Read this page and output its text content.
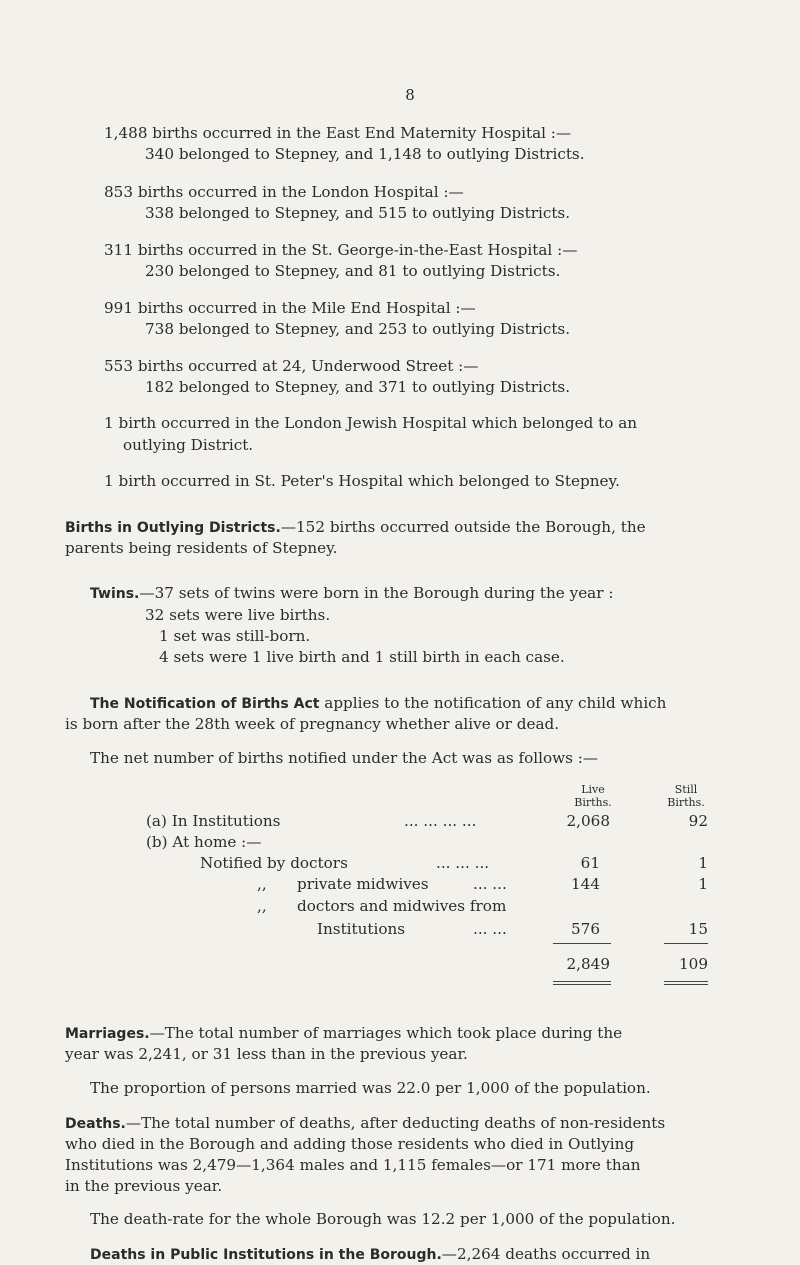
8
1,488 births occurred in the East End Maternity Hospital :—
340 belonged to Stepney, and 1,148 to outlying Districts.
853 births occurred in the London Hospital :—
338 belonged to Stepney, and 515 to outlying Districts.
311 births occurred in the St. George-in-the-East Hospital :—
230 belonged to Stepney, and 81 to outlying Districts.
991 births occurred in the Mile End Hospital :—
738 belonged to Stepney, and 253 to outlying Districts.
553 births occurred at 24, Underwood Street :—
182 belonged to Stepney, and 371 to outlying Districts.
1 birth occurred in the London Jewish Hospital which belonged to an
outlying District.
1 birth occurred in St. Peter's Hospital which belonged to Stepney.
Births in Outlying Districts.—152 births occurred outside the Borough, the
parents being residents of Stepney.
Twins.—37 sets of twins were born in the Borough during the year :
32 sets were live births.
1 set was still-born.
4 sets were 1 live birth and 1 still birth in each case.
The Notification of Births Act applies to the notification of any child which
is born after the 28th week of pregnancy whether alive or dead.
The net number of births notified under the Act was as follows :—
Live
Births.
Still
Births.
(a) In Institutions	... ... ... ...	2,068	92
(b) At home :—
Notified by doctors	... ... ...	61	1
,, private midwives	... ...	144	1
,, doctors and midwives from
Institutions	... ...	576	15
2,849	109
Marriages.—The total number of marriages which took place during the
year was 2,241, or 31 less than in the previous year.
The proportion of persons married was 22.0 per 1,000 of the population.
Deaths.—The total number of deaths, after deducting deaths of non-residents
who died in the Borough and adding those residents who died in Outlying
Institutions was 2,479—1,364 males and 1,115 females—or 171 more than
in the previous year.
The death-rate for the whole Borough was 12.2 per 1,000 of the population.
Deaths in Public Institutions in the Borough.—2,264 deaths occurred in
